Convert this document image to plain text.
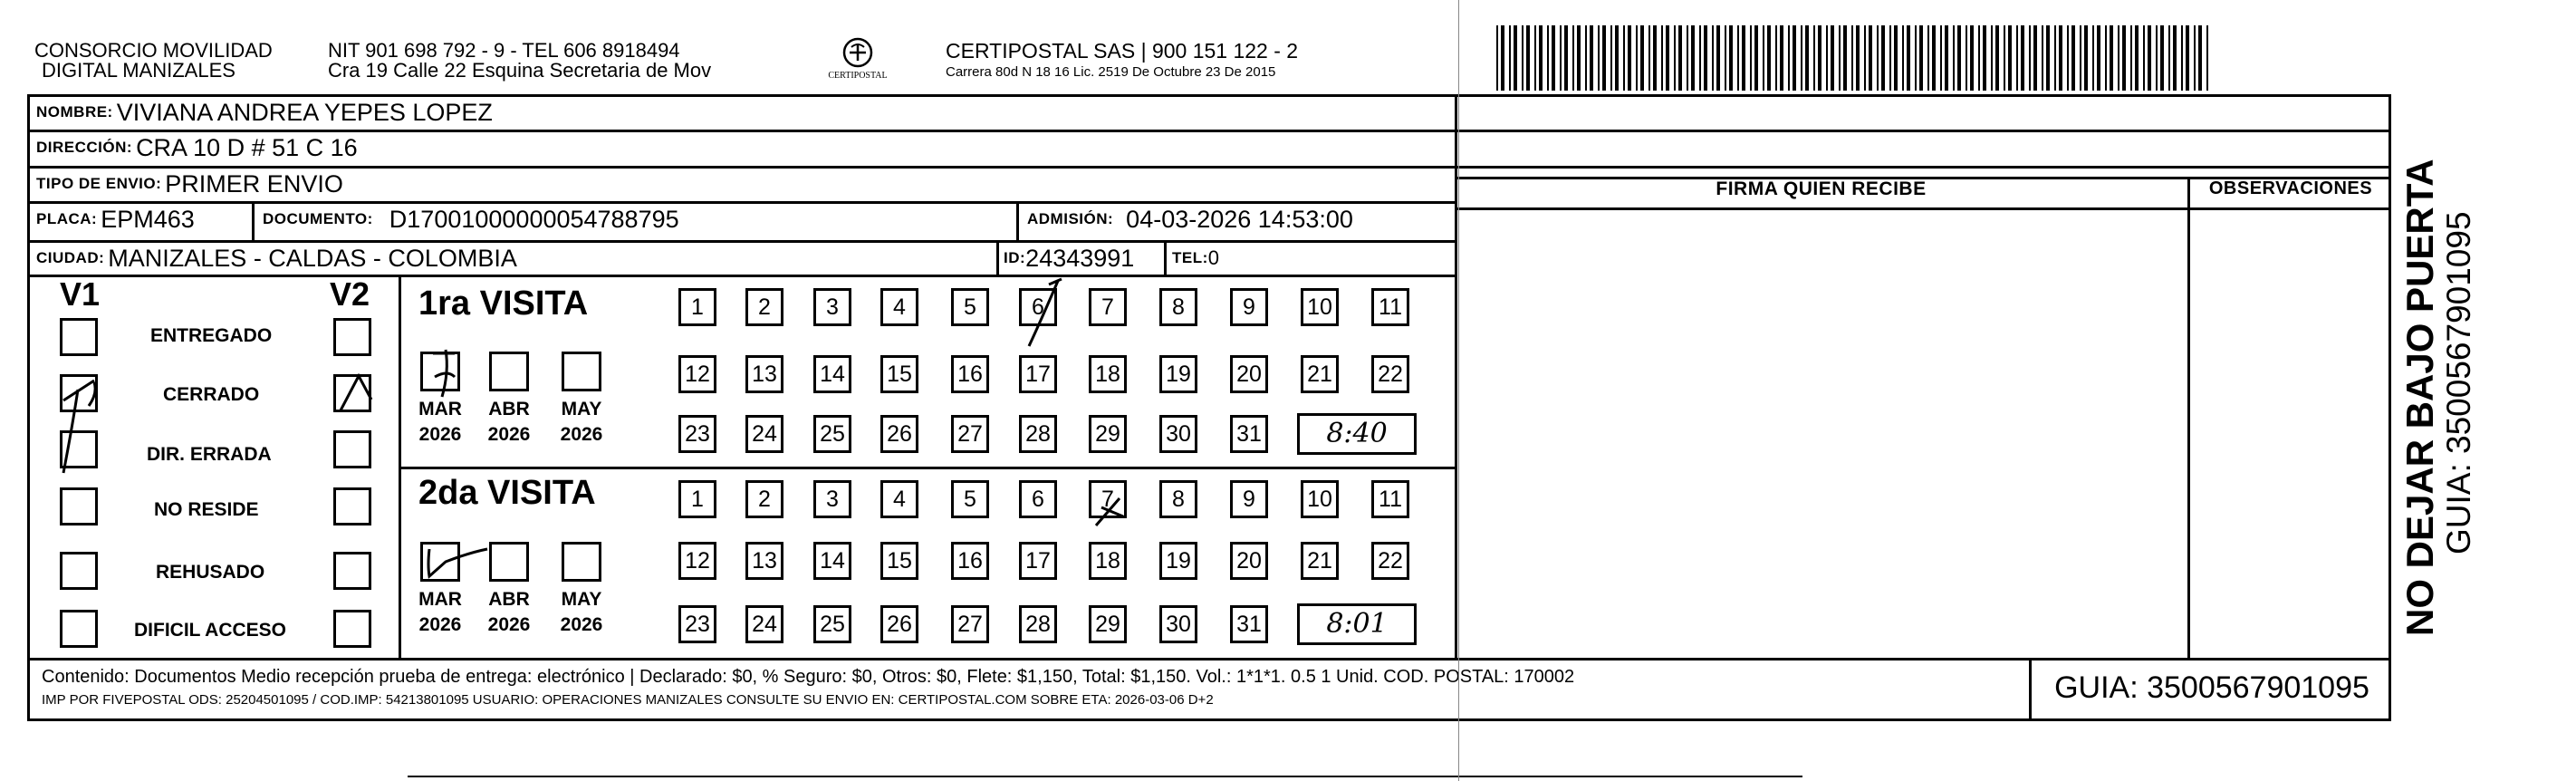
CONSORCIO MOVILIDAD
DIGITAL MANIZALES
NIT 901 698 792 - 9 - TEL 606 8918494
Cra 19 Calle 22 Esquina Secretaria de Mov	CERTIPOSTAL
CERTIPOSTAL SAS | 900 151 122 - 2
Carrera 80d N 18 16 Lic. 2519 De Octubre 23 De 2015
NOMBRE: VIVIANA ANDREA YEPES LOPEZ
DIRECCIÓN: CRA 10 D # 51 C 16
TIPO DE ENVIO: PRIMER ENVIO
PLACA: EPM463	DOCUMENTO: D17001000000054788795	ADMISIÓN: 04-03-2026 14:53:00
CIUDAD: MANIZALES - CALDAS - COLOMBIA	ID: 24343991 TEL: 0
FIRMA QUIEN RECIBE	OBSERVACIONES
V1	V2
ENTREGADO
CERRADO
DIR. ERRADA
NO RESIDE
REHUSADO
DIFICIL ACCESO
1ra VISITA
MAR ABR MAY
2026 2026 2026
1	2	3	4	5	6	7	8	9	10	11
12 13 14 15 16 17 18 19 20 21 22
23 24 25 26 27 28 29 30 31	8:40
2da VISITA
MAR ABR MAY
2026 2026 2026
1	2	3	4	5	6	7	8	9	10	11
12 13 14 15 16 17 18 19 20 21 22
23 24 25 26 27 28 29 30 31	8:01
Contenido: Documentos Medio recepción prueba de entrega: electrónico | Declarado: $0, % Seguro: $0, Otros: $0, Flete: $1,150, Total: $1,150. Vol.: 1*1*1. 0.5 1 Unid. COD. POSTAL: 170002
IMP POR FIVEPOSTAL ODS: 25204501095 / COD.IMP: 54213801095 USUARIO: OPERACIONES MANIZALES CONSULTE SU ENVIO EN: CERTIPOSTAL.COM SOBRE ETA: 2026-03-06 D+2	GUIA: 3500567901095
NO DEJAR BAJO PUERTA GUIA: 3500567901095
